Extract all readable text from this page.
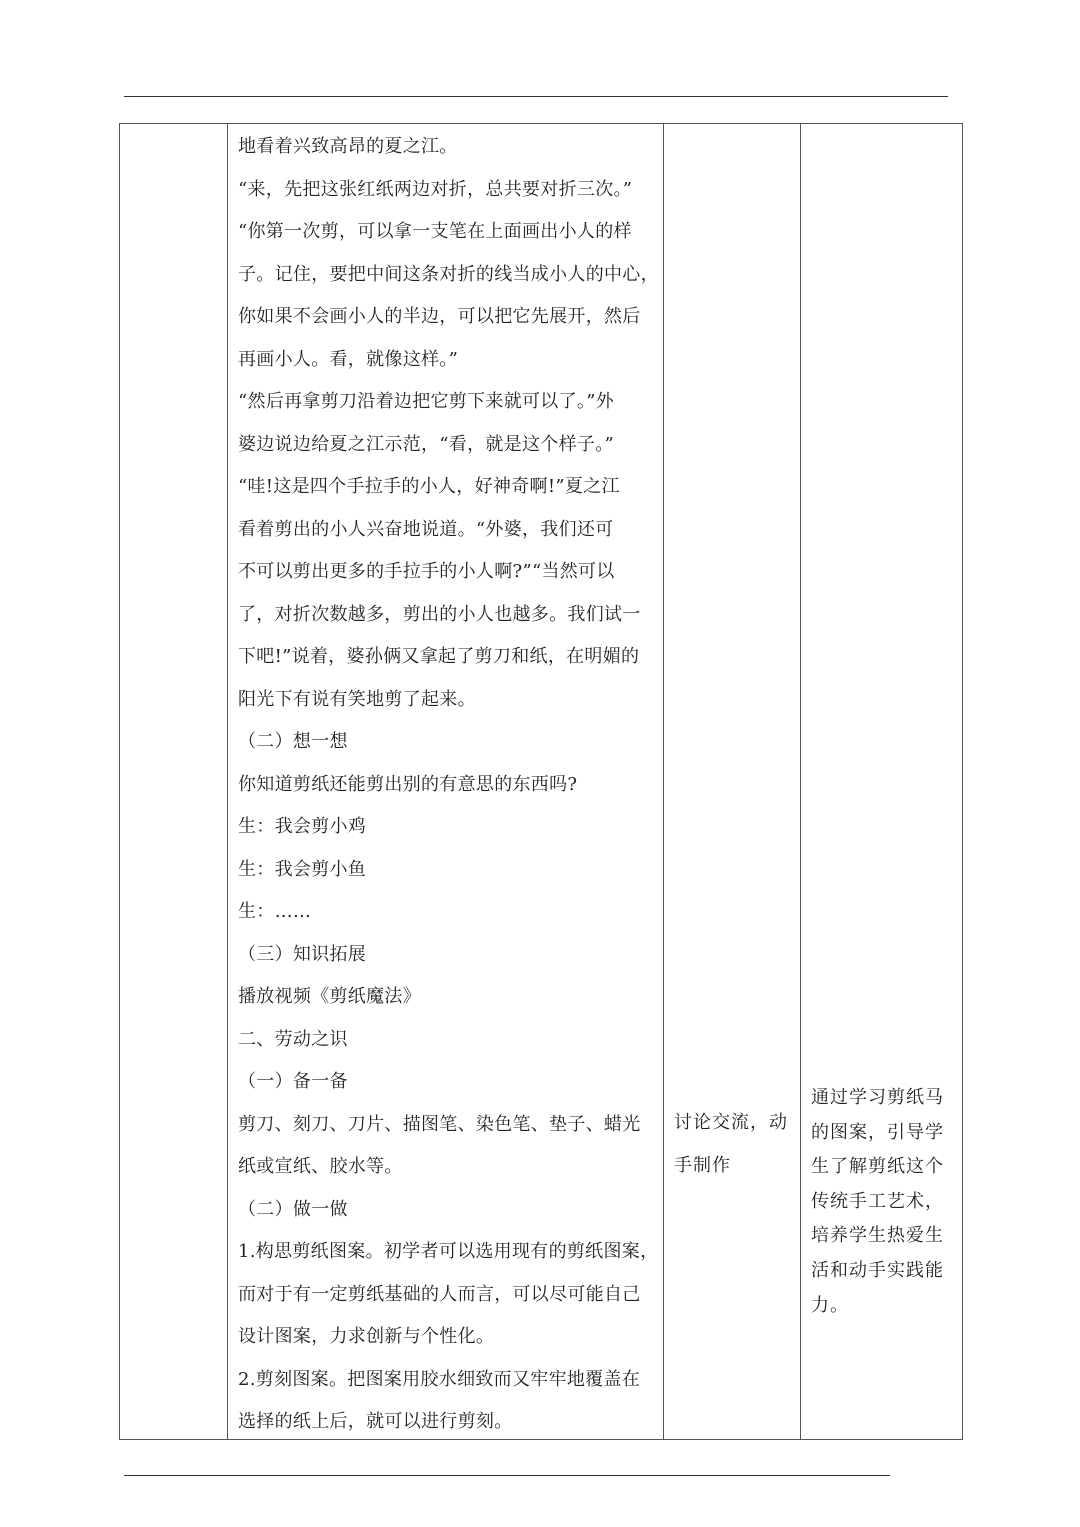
讨论交流，动
手制作
通过学习剪纸马
的图案，引导学
生了解剪纸这个
传统手工艺术，
培养学生热爱生
活和动手实践能
力。
地看着兴致高昂的夏之江。
“来，先把这张红纸两边对折，总共要对折三次。”
“你第一次剪，可以拿一支笔在上面画出小人的样
子。记住，要把中间这条对折的线当成小人的中心，
你如果不会画小人的半边，可以把它先展开，然后
再画小人。看，就像这样。”
“然后再拿剪刀沿着边把它剪下来就可以了。”外
婆边说边给夏之江示范，“看，就是这个样子。”
“哇!这是四个手拉手的小人，好神奇啊!”夏之江
看着剪出的小人兴奋地说道。“外婆，我们还可
不可以剪出更多的手拉手的小人啊?”“当然可以
了，对折次数越多，剪出的小人也越多。我们试一
下吧!”说着，婆孙俩又拿起了剪刀和纸，在明媚的
阳光下有说有笑地剪了起来。
（二）想一想
你知道剪纸还能剪出别的有意思的东西吗?
生：我会剪小鸡
生：我会剪小鱼
生：……
（三）知识拓展
播放视频《剪纸魔法》
二、劳动之识
（一）备一备
剪刀、刻刀、刀片、描图笔、染色笔、垫子、蜡光
纸或宣纸、胶水等。
（二）做一做
1.构思剪纸图案。初学者可以选用现有的剪纸图案，
而对于有一定剪纸基础的人而言，可以尽可能自己
设计图案，力求创新与个性化。
2.剪刻图案。把图案用胶水细致而又牢牢地覆盖在
选择的纸上后，就可以进行剪刻。
